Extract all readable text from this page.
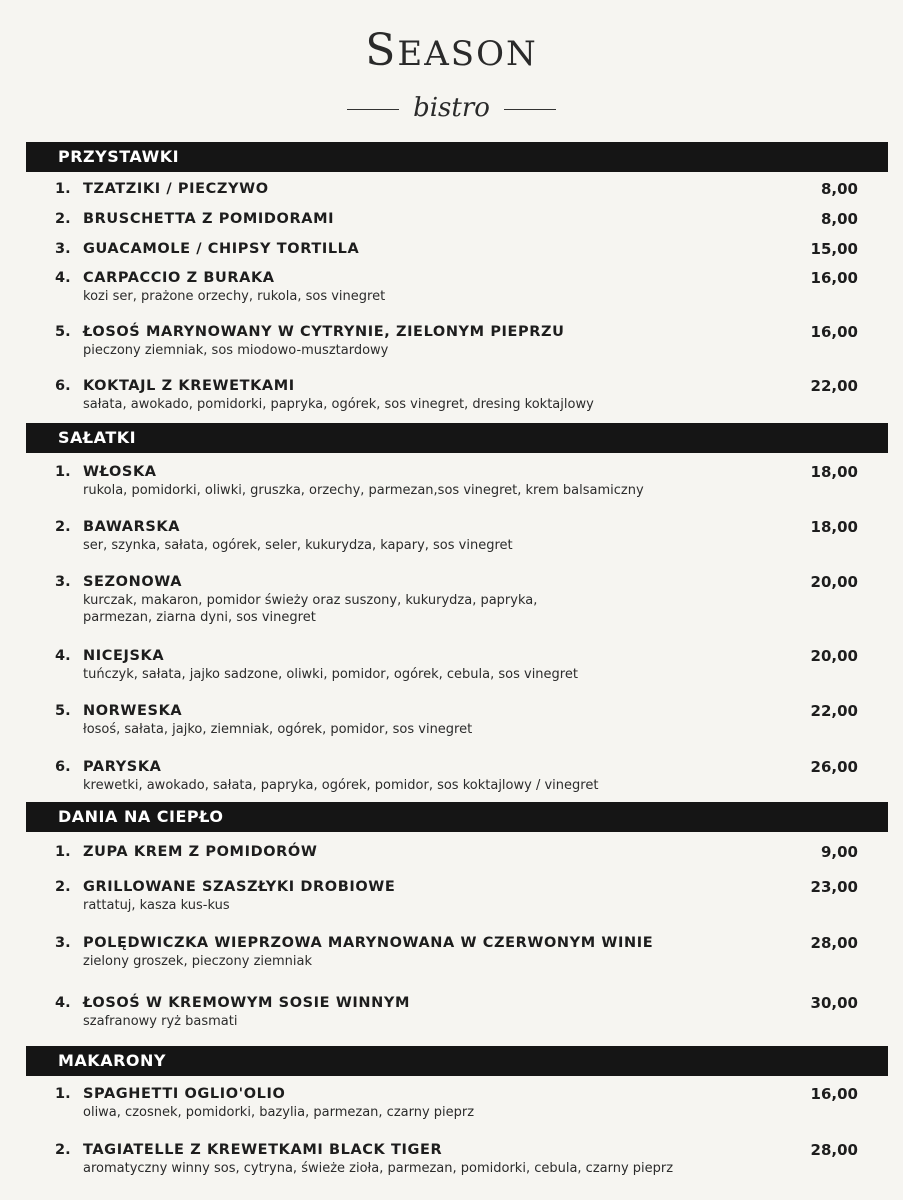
SEASON
bistro
PRZYSTAWKI
1. TZATZIKI / PIECZYWO	8,00
2. BRUSCHETTA Z POMIDORAMI	8,00
3. GUACAMOLE / CHIPSY TORTILLA	15,00
4. CARPACCIO Z BURAKA	16,00
kozi ser, prażone orzechy, rukola, sos vinegret
5. ŁOSOŚ MARYNOWANY W CYTRYNIE, ZIELONYM PIEPRZU	16,00
pieczony ziemniak, sos miodowo-musztardowy
6. KOKTAJL Z KREWETKAMI	22,00
sałata, awokado, pomidorki, papryka, ogórek, sos vinegret, dresing koktajlowy
SAŁATKI
1. WŁOSKA	18,00
rukola, pomidorki, oliwki, gruszka, orzechy, parmezan,sos vinegret, krem balsamiczny
2. BAWARSKA	18,00
ser, szynka, sałata, ogórek, seler, kukurydza, kapary, sos vinegret
3. SEZONOWA	20,00
kurczak, makaron, pomidor świeży oraz suszony, kukurydza, papryka,
parmezan, ziarna dyni, sos vinegret
4. NICEJSKA	20,00
tuńczyk, sałata, jajko sadzone, oliwki, pomidor, ogórek, cebula, sos vinegret
5. NORWESKA	22,00
łosoś, sałata, jajko, ziemniak, ogórek, pomidor, sos vinegret
6. PARYSKA	26,00
krewetki, awokado, sałata, papryka, ogórek, pomidor, sos koktajlowy / vinegret
DANIA NA CIEPŁO
1. ZUPA KREM Z POMIDORÓW	9,00
2. GRILLOWANE SZASZŁYKI DROBIOWE	23,00
rattatuj, kasza kus-kus
3. POLĘDWICZKA WIEPRZOWA MARYNOWANA W CZERWONYM WINIE	28,00
zielony groszek, pieczony ziemniak
4. ŁOSOŚ W KREMOWYM SOSIE WINNYM	30,00
szafranowy ryż basmati
MAKARONY
1. SPAGHETTI OGLIO'OLIO	16,00
oliwa, czosnek, pomidorki, bazylia, parmezan, czarny pieprz
2. TAGIATELLE Z KREWETKAMI BLACK TIGER	28,00
aromatyczny winny sos, cytryna, świeże zioła, parmezan, pomidorki, cebula, czarny pieprz
